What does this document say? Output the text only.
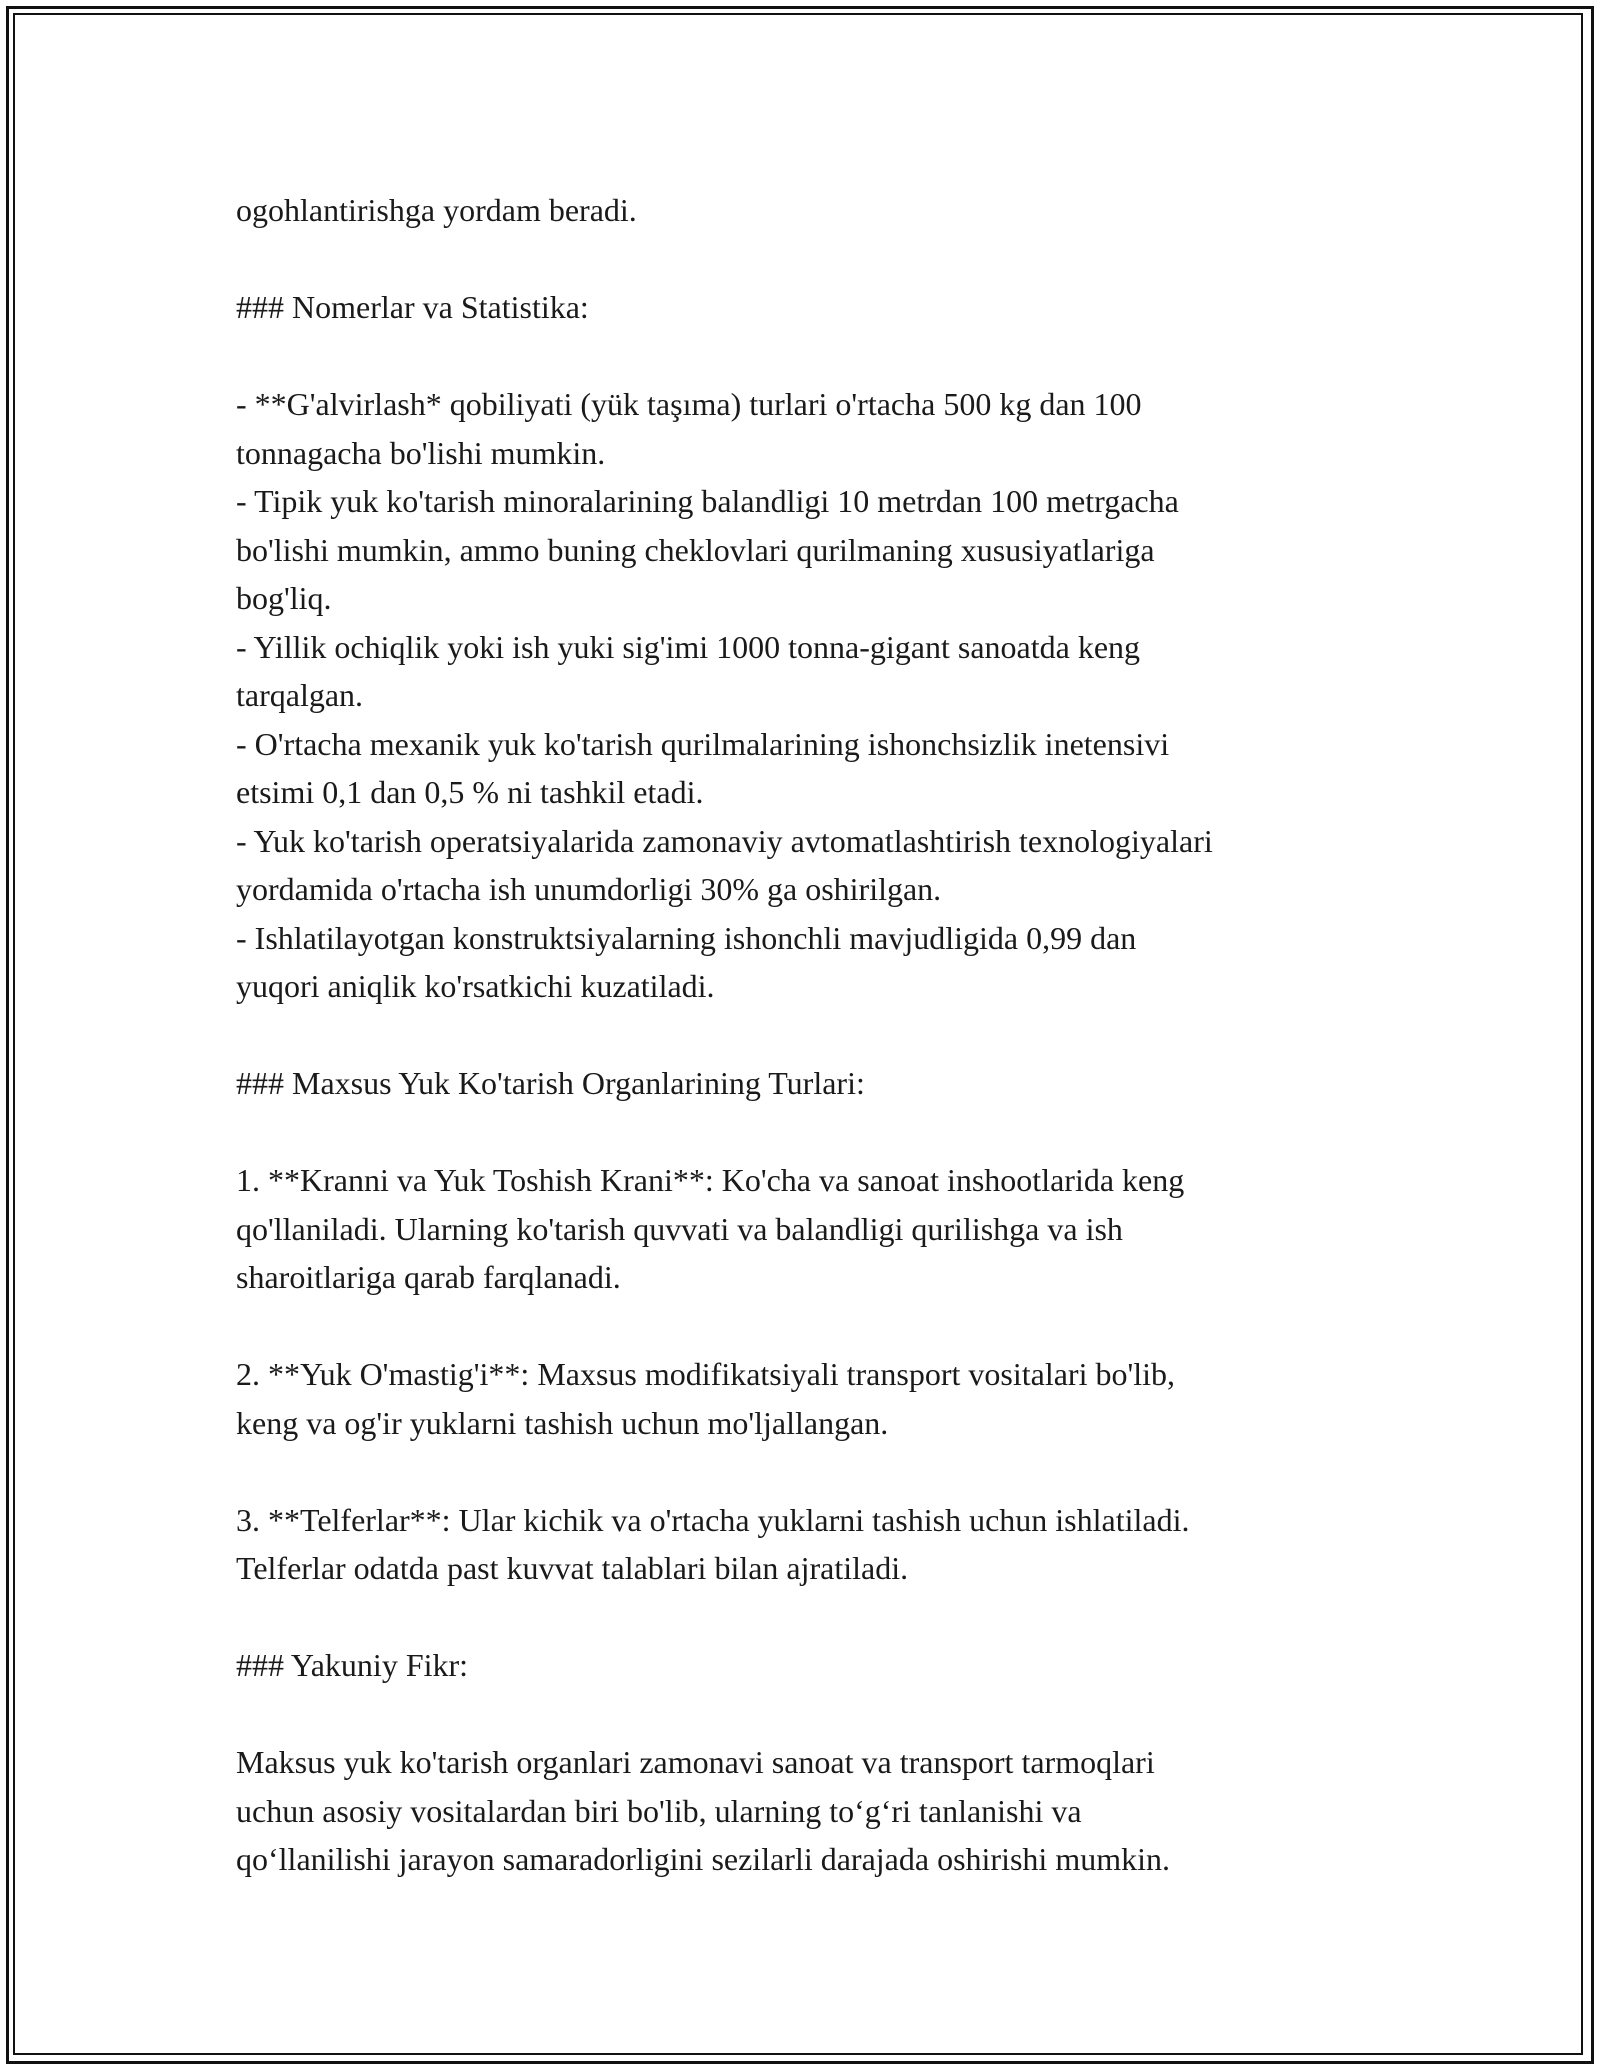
ogohlantirishga yordam beradi.
### Nomerlar va Statistika:
- **G'alvirlash* qobiliyati (yük taşıma) turlari o'rtacha 500 kg dan 100
tonnagacha bo'lishi mumkin.
- Tipik yuk ko'tarish minoralarining balandligi 10 metrdan 100 metrgacha
bo'lishi mumkin, ammo buning cheklovlari qurilmaning xususiyatlariga
bog'liq.
- Yillik ochiqlik yoki ish yuki sig'imi 1000 tonna-gigant sanoatda keng
tarqalgan.
- O'rtacha mexanik yuk ko'tarish qurilmalarining ishonchsizlik inetensivi
etsimi 0,1 dan 0,5 % ni tashkil etadi.
- Yuk ko'tarish operatsiyalarida zamonaviy avtomatlashtirish texnologiyalari
yordamida o'rtacha ish unumdorligi 30% ga oshirilgan.
- Ishlatilayotgan konstruktsiyalarning ishonchli mavjudligida 0,99 dan
yuqori aniqlik ko'rsatkichi kuzatiladi.
### Maxsus Yuk Ko'tarish Organlarining Turlari:
1. **Kranni va Yuk Toshish Krani**: Ko'cha va sanoat inshootlarida keng
qo'llaniladi. Ularning ko'tarish quvvati va balandligi qurilishga va ish
sharoitlariga qarab farqlanadi.
2. **Yuk O'mastig'i**: Maxsus modifikatsiyali transport vositalari bo'lib,
keng va og'ir yuklarni tashish uchun mo'ljallangan.
3. **Telferlar**: Ular kichik va o'rtacha yuklarni tashish uchun ishlatiladi.
Telferlar odatda past kuvvat talablari bilan ajratiladi.
### Yakuniy Fikr:
Maksus yuk ko'tarish organlari zamonavi sanoat va transport tarmoqlari
uchun asosiy vositalardan biri bo'lib, ularning to‘g‘ri tanlanishi va
qo‘llanilishi jarayon samaradorligini sezilarli darajada oshirishi mumkin.
